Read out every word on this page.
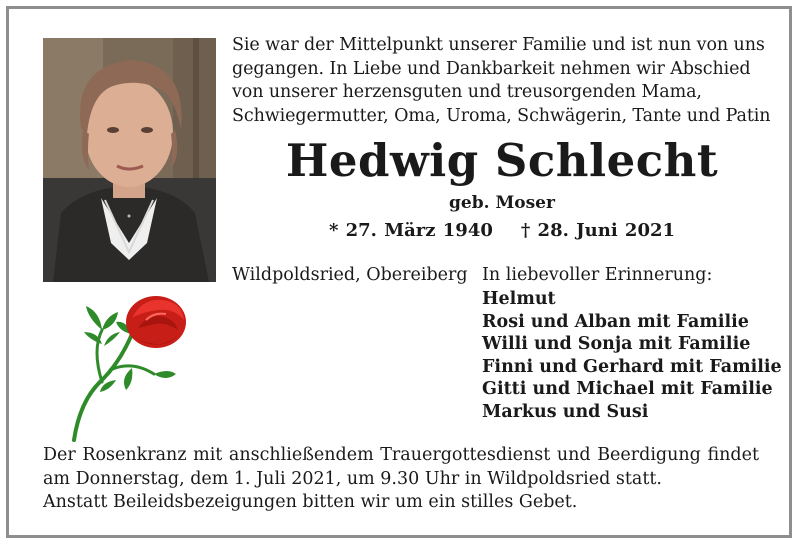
Sie war der Mittelpunkt unserer Familie und ist nun von uns
gegangen. In Liebe und Dankbarkeit nehmen wir Abschied
von unserer herzensguten und treusorgenden Mama,
Schwiegermutter, Oma, Uroma, Schwägerin, Tante und Patin
Hedwig Schlecht
geb. Moser
* 27. März 1940 † 28. Juni 2021
Wildpoldsried, Obereiberg In liebevoller Erinnerung:
Helmut
Rosi und Alban mit Familie
Willi und Sonja mit Familie
Finni und Gerhard mit Familie
Gitti und Michael mit Familie
Markus und Susi
Der Rosenkranz mit anschließendem Trauergottesdienst und Beerdigung findet
am Donnerstag, dem 1. Juli 2021, um 9.30 Uhr in Wildpoldsried statt.
Anstatt Beileidsbezeigungen bitten wir um ein stilles Gebet.
